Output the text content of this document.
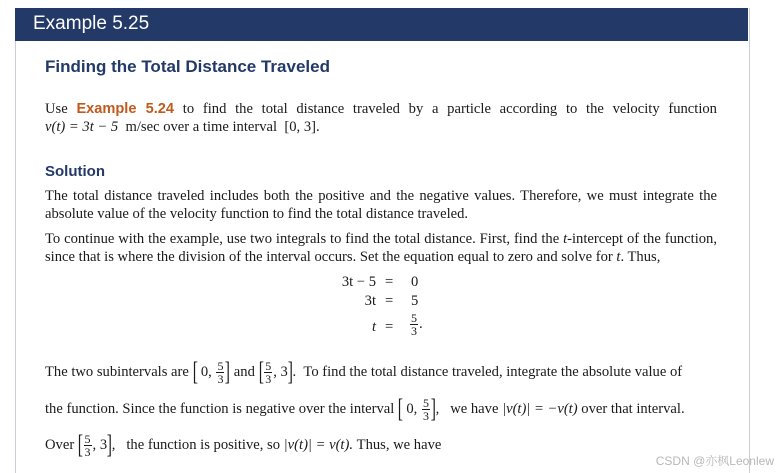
Example 5.25
Finding the Total Distance Traveled
Use Example 5.24 to find the total distance traveled by a particle according to the velocity function
v(t) = 3t − 5 m/sec over a time interval [0, 3].
Solution
The total distance traveled includes both the positive and the negative values. Therefore, we must integrate the absolute value of the velocity function to find the total distance traveled.
To continue with the example, use two integrals to find the total distance. First, find the t-intercept of the function, since that is where the division of the interval occurs. Set the equation equal to zero and solve for t. Thus,
3t − 5 = 0
3t = 5
$t = \frac{5}{3}$ .
The two subintervals are
[
0,
$\frac{5}{3}$ ]
and
[ $\frac{5}{3}$ , 3 ] . To find the total distance traveled, integrate the absolute value of
the function. Since the function is negative over the interval
[
0,
$\frac{5}{3}$ ] , we have
|v(t)| = −v(t)
over that interval.
Over
[ $\frac{5}{3}$ , 3 ] , the function is positive, so
|v(t)| = v(t).
Thus, we have
CSDN @亦枫Leonlew
